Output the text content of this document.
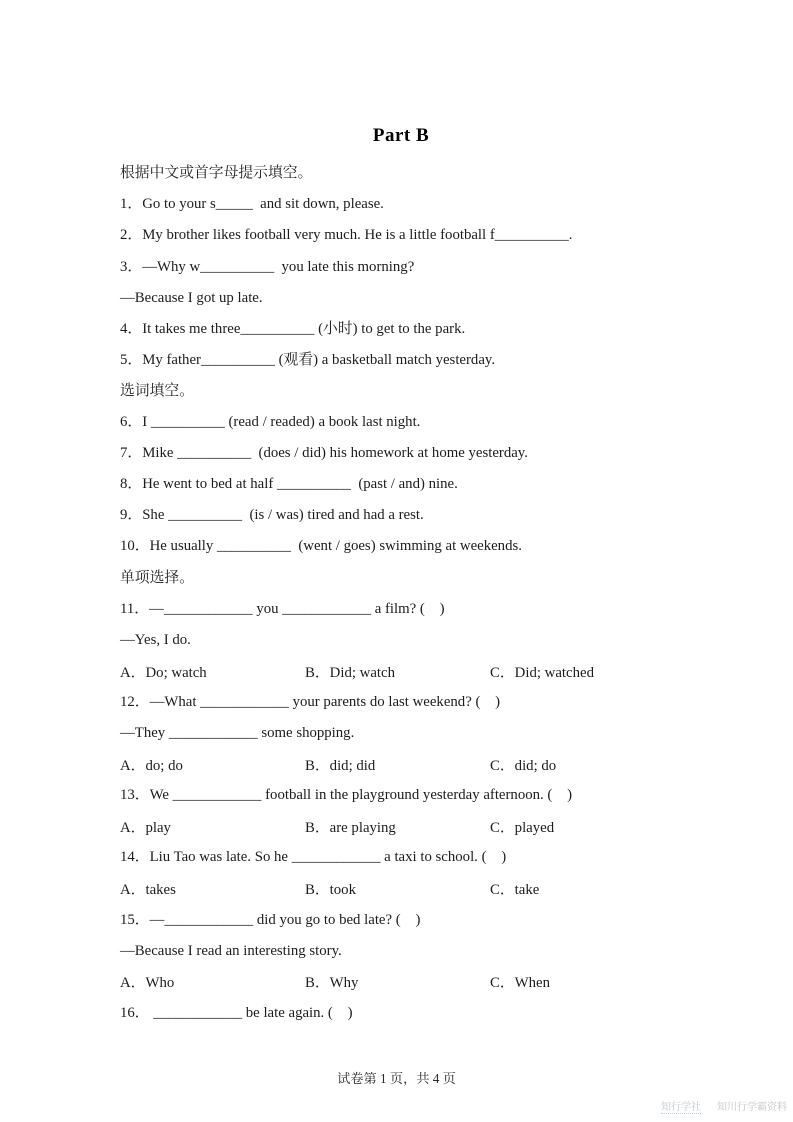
Part B
根据中文或首字母提示填空。
1．Go to your s_____  and sit down, please.
2．My brother likes football very much. He is a little football f__________.
3．—Why w__________  you late this morning?
—Because I got up late.
4．It takes me three__________ (小时) to get to the park.
5．My father__________ (观看) a basketball match yesterday.
选词填空。
6．I __________ (read / readed) a book last night.
7．Mike __________  (does / did) his homework at home yesterday.
8．He went to bed at half __________  (past / and) nine.
9．She __________  (is / was) tired and had a rest.
10．He usually __________  (went / goes) swimming at weekends.
单项选择。
11．—____________ you ____________ a film? (    )
—Yes, I do.
A．Do; watch	B．Did; watch	C．Did; watched
12．—What ____________ your parents do last weekend? (    )
—They ____________ some shopping.
A．do; do	B．did; did	C．did; do
13．We ____________ football in the playground yesterday afternoon. (    )
A．play	B．are playing	C．played
14．Liu Tao was late. So he ____________ a taxi to school. (    )
A．takes	B．took	C．take
15．—____________ did you go to bed late? (    )
—Because I read an interesting story.
A．Who	B．Why	C．When
16． ____________ be late again. (    )
试卷第 1 页，共 4 页
知行学社 知川行学霸资料
